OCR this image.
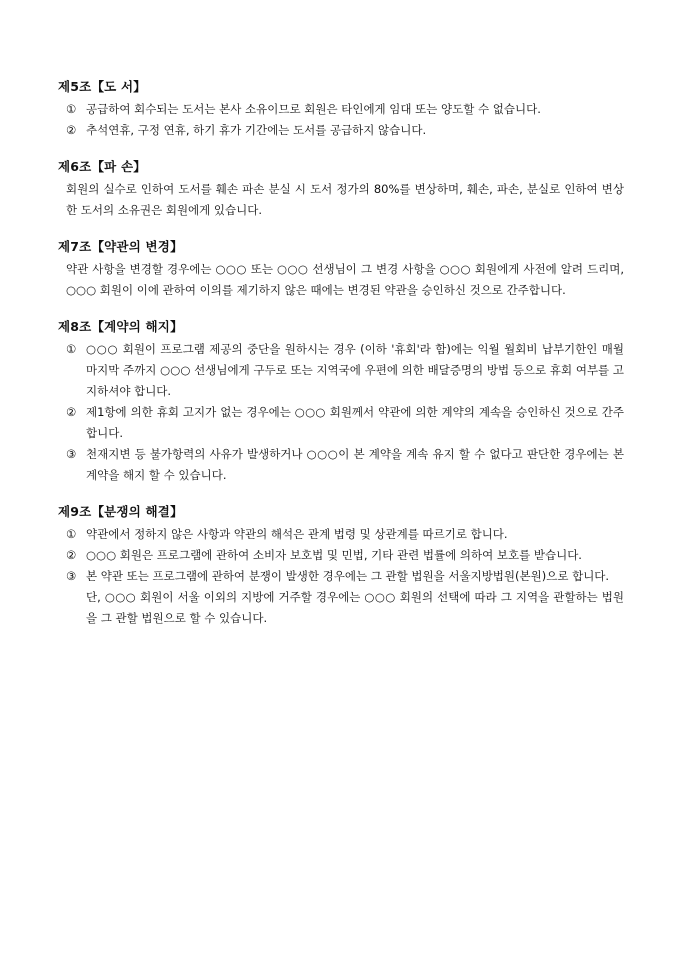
제5조【도 서】
① 공급하여 회수되는 도서는 본사 소유이므로 회원은 타인에게 임대 또는 양도할 수 없습니다.
② 추석연휴, 구정 연휴, 하기 휴가 기간에는 도서를 공급하지 않습니다.
제6조【파 손】
회원의 실수로 인하여 도서를 훼손 파손 분실 시 도서 정가의 80%를 변상하며, 훼손, 파손, 분실로 인하여 변상한 도서의 소유권은 회원에게 있습니다.
제7조【약관의 변경】
약관 사항을 변경할 경우에는 ○○○ 또는 ○○○ 선생님이 그 변경 사항을 ○○○ 회원에게 사전에 알려 드리며, ○○○ 회원이 이에 관하여 이의를 제기하지 않은 때에는 변경된 약관을 승인하신 것으로 간주합니다.
제8조【계약의 해지】
① ○○○ 회원이 프로그램 제공의 중단을 원하시는 경우 (이하 '휴회'라 함)에는 익월 월회비 납부기한인 매월 마지막 주까지 ○○○ 선생님에게 구두로 또는 지역국에 우편에 의한 배달증명의 방법 등으로 휴회 여부를 고지하셔야 합니다.
② 제1항에 의한 휴회 고지가 없는 경우에는 ○○○ 회원께서 약관에 의한 계약의 계속을 승인하신 것으로 간주합니다.
③ 천재지변 등 불가항력의 사유가 발생하거나 ○○○이 본 계약을 계속 유지 할 수 없다고 판단한 경우에는 본 계약을 해지 할 수 있습니다.
제9조【분쟁의 해결】
① 약관에서 정하지 않은 사항과 약관의 해석은 관계 법령 및 상관계를 따르기로 합니다.
② ○○○ 회원은 프로그램에 관하여 소비자 보호법 및 민법, 기타 관련 법률에 의하여 보호를 받습니다.
③ 본 약관 또는 프로그램에 관하여 분쟁이 발생한 경우에는 그 관할 법원을 서울지방법원(본원)으로 합니다.
단, ○○○ 회원이 서울 이외의 지방에 거주할 경우에는 ○○○ 회원의 선택에 따라 그 지역을 관할하는 법원을 그 관할 법원으로 할 수 있습니다.
